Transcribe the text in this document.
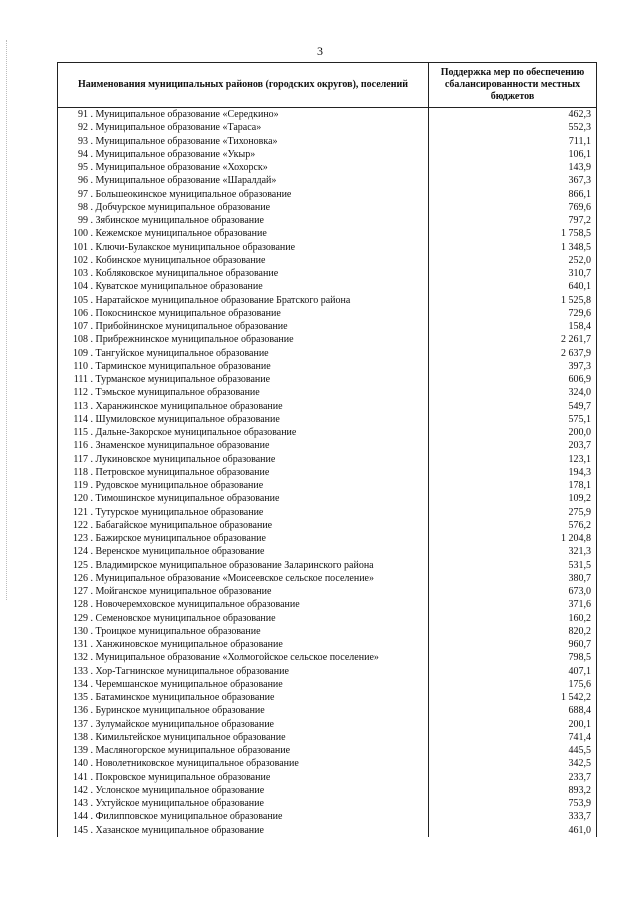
3
Наименования муниципальных районов (городских округов), поселений	Поддержка мер по обеспечению сбалансированности местных бюджетов
91 . Муниципальное образование «Середкино»	462,3
92 . Муниципальное образование «Тараса»	552,3
93 . Муниципальное образование «Тихоновка»	711,1
94 . Муниципальное образование «Укыр»	106,1
95 . Муниципальное образование «Хохорск»	143,9
96 . Муниципальное образование «Шаралдай»	367,3
97 . Большеокинское муниципальное образование	866,1
98 . Добчурское муниципальное образование	769,6
99 . Зябинское муниципальное образование	797,2
100 . Кежемское муниципальное образование	1 758,5
101 . Ключи-Булакское муниципальное образование	1 348,5
102 . Кобинское муниципальное образование	252,0
103 . Кобляковское муниципальное образование	310,7
104 . Куватское муниципальное образование	640,1
105 . Наратайское муниципальное образование Братского района	1 525,8
106 . Покоснинское муниципальное образование	729,6
107 . Прибойнинское муниципальное образование	158,4
108 . Прибрежнинское муниципальное образование	2 261,7
109 . Тангуйское муниципальное образование	2 637,9
110 . Тарминское муниципальное образование	397,3
111 . Турманское муниципальное образование	606,9
112 . Тэмьское муниципальное образование	324,0
113 . Харанжинское муниципальное образование	549,7
114 . Шумиловское муниципальное образование	575,1
115 . Дальне-Закорское муниципальное образование	200,0
116 . Знаменское муниципальное образование	203,7
117 . Лукиновское муниципальное образование	123,1
118 . Петровское муниципальное образование	194,3
119 . Рудовское муниципальное образование	178,1
120 . Тимошинское муниципальное образование	109,2
121 . Тутурское муниципальное образование	275,9
122 . Бабагайское муниципальное образование	576,2
123 . Бажирское муниципальное образование	1 204,8
124 . Веренское муниципальное образование	321,3
125 . Владимирское муниципальное образование Заларинского района	531,5
126 . Муниципальное образование «Моисеевское сельское поселение»	380,7
127 . Мойганское муниципальное образование	673,0
128 . Новочеремховское муниципальное образование	371,6
129 . Семеновское муниципальное образование	160,2
130 . Троицкое муниципальное образование	820,2
131 . Ханжиновское муниципальное образование	960,7
132 . Муниципальное образование «Холмогойское сельское поселение»	798,5
133 . Хор-Тагнинское муниципальное образование	407,1
134 . Черемшанское муниципальное образование	175,6
135 . Батаминское муниципальное образование	1 542,2
136 . Буринское муниципальное образование	688,4
137 . Зулумайское муниципальное образование	200,1
138 . Кимильтейское муниципальное образование	741,4
139 . Масляногорское муниципальное образование	445,5
140 . Новолетниковское муниципальное образование	342,5
141 . Покровское муниципальное образование	233,7
142 . Услонское муниципальное образование	893,2
143 . Ухтуйское муниципальное образование	753,9
144 . Филипповское муниципальное образование	333,7
145 . Хазанское муниципальное образование	461,0
